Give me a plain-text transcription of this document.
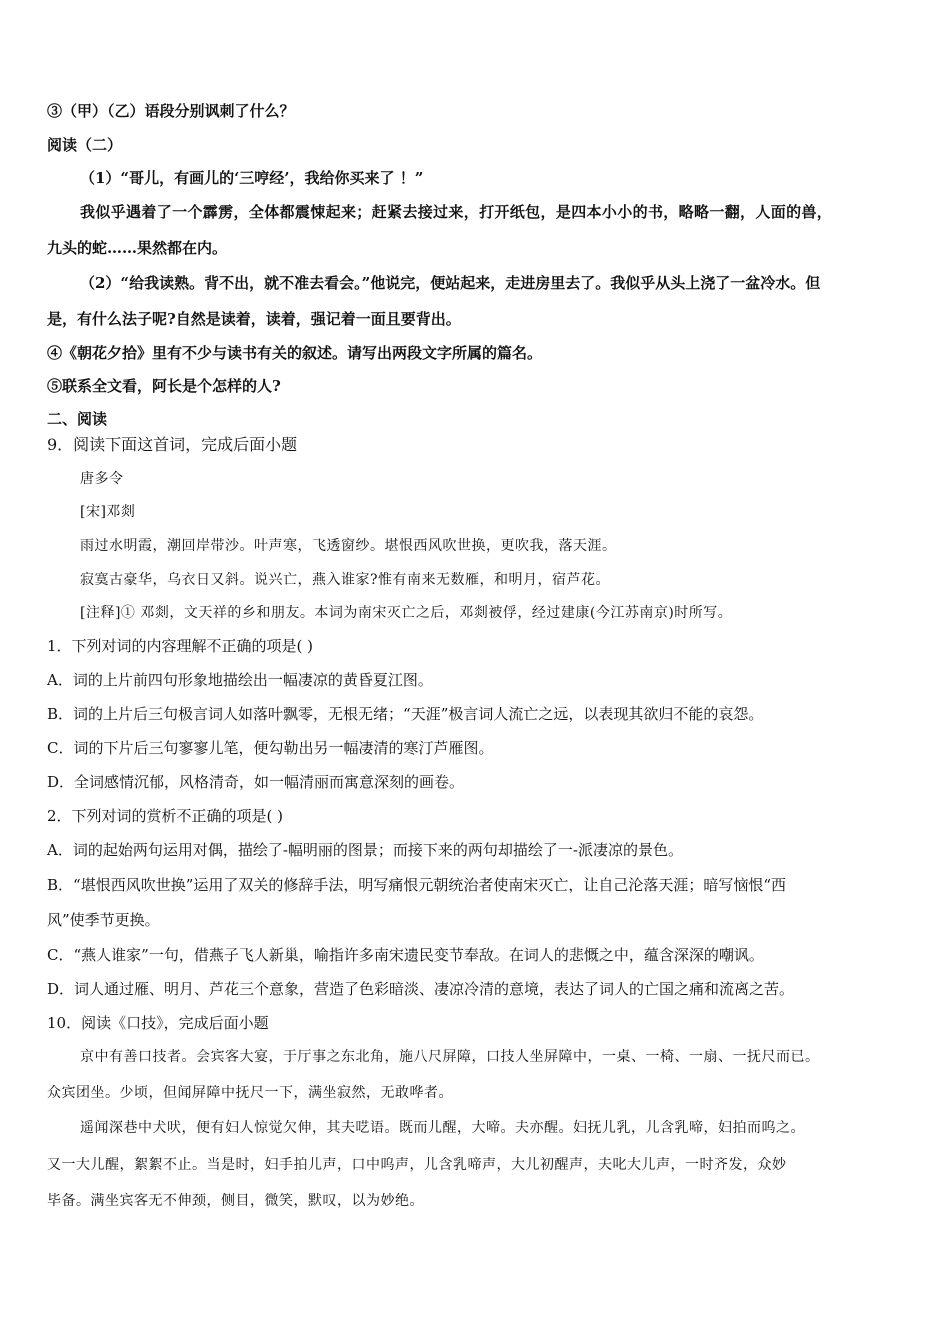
③（甲）（乙）语段分别讽刺了什么？
阅读（二）
（1）“哥儿，有画儿的‘三哼经’，我给你买来了 ！”
我似乎遇着了一个霹雳，全体都震悚起来；赶紧去接过来，打开纸包，是四本小小的书，略略一翻，人面的兽，
九头的蛇……果然都在内。
（2）“给我读熟。背不出，就不准去看会。”他说完，便站起来，走进房里去了。我似乎从头上浇了一盆冷水。但
是，有什么法子呢?自然是读着，读着，强记着一面且要背出。
④《朝花夕拾》里有不少与读书有关的叙述。请写出两段文字所属的篇名。
⑤联系全文看，阿长是个怎样的人?
二、阅读
9．阅读下面这首词，完成后面小题
唐多令
[宋]邓剡
雨过水明霞，潮回岸带沙。叶声寒，飞透窗纱。堪恨西风吹世换，更吹我，落天涯。
寂寞古豪华，乌衣日又斜。说兴亡，燕入谁家?惟有南来无数雁，和明月，宿芦花。
[注释]① 邓剡，文天祥的乡和朋友。本词为南宋灭亡之后，邓剡被俘，经过建康(今江苏南京)时所写。
1．下列对词的内容理解不正确的项是( )
A．词的上片前四句形象地描绘出一幅凄凉的黄昏夏江图。
B．词的上片后三句极言词人如落叶飘零，无根无绪；“天涯”极言词人流亡之远，以表现其欲归不能的哀怨。
C．词的下片后三句寥寥儿笔，便勾勒出另一幅凄清的寒汀芦雁图。
D．全词感情沉郁，风格清奇，如一幅清丽而寓意深刻的画卷。
2．下列对词的赏析不正确的项是( )
A．词的起始两句运用对偶，描绘了-幅明丽的图景；而接下来的两句却描绘了一-派凄凉的景色。
B．“堪恨西风吹世换”运用了双关的修辞手法，明写痛恨元朝统治者使南宋灭亡，让自己沦落天涯；暗写恼恨“西
风”使季节更换。
C．“燕人谁家”一句，借燕子飞人新巢，喻指许多南宋遗民变节奉敌。在词人的悲慨之中，蕴含深深的嘲讽。
D．词人通过雁、明月、芦花三个意象，营造了色彩暗淡、凄凉冷清的意境，表达了词人的亡国之痛和流离之苦。
10．阅读《口技》，完成后面小题
京中有善口技者。会宾客大宴，于厅事之东北角，施八尺屏障，口技人坐屏障中，一桌、一椅、一扇、一抚尺而已。
众宾团坐。少顷，但闻屏障中抚尺一下，满坐寂然，无敢哗者。
遥闻深巷中犬吠，便有妇人惊觉欠伸，其夫呓语。既而儿醒，大啼。夫亦醒。妇抚儿乳，儿含乳啼，妇拍而呜之。
又一大儿醒，絮絮不止。当是时，妇手拍儿声，口中呜声，儿含乳啼声，大儿初醒声，夫叱大儿声，一时齐发，众妙
毕备。满坐宾客无不伸颈，侧目，微笑，默叹，以为妙绝。
